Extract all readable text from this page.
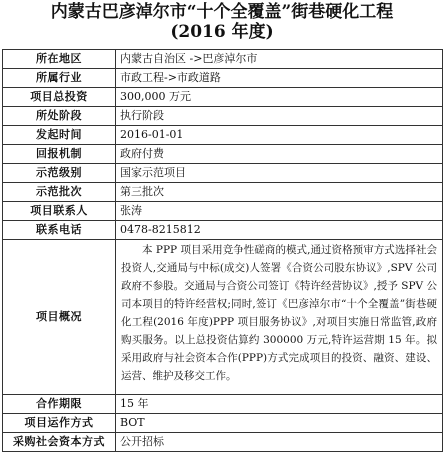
内蒙古巴彦淖尔市“十个全覆盖”街巷硬化工程
(2016 年度)
所在地区	内蒙古自治区 ->巴彦淖尔市
所属行业	市政工程->市政道路
项目总投资	300,000 万元
所处阶段	执行阶段
发起时间	2016-01-01
回报机制	政府付费
示范级别	国家示范项目
示范批次	第三批次
项目联系人	张涛
联系电话	0478-8215812
项目概况	本 PPP 项目采用竞争性磋商的模式,通过资格预审方式选择社会投资人,交通局与中标(成交)人签署《合资公司股东协议》,SPV 公司政府不参股。交通局与合资公司签订《特许经营协议》,授予 SPV 公司本项目的特许经营权;同时,签订《巴彦淖尔市“十个全覆盖”街巷硬化工程(2016 年度)PPP 项目服务协议》,对项目实施日常监管,政府购买服务。以上总投资估算约 300000 万元,特许运营期 15 年。拟采用政府与社会资本合作(PPP)方式完成项目的投资、融资、建设、运营、维护及移交工作。

合作期限	15 年
项目运作方式	BOT
采购社会资本方式	公开招标
